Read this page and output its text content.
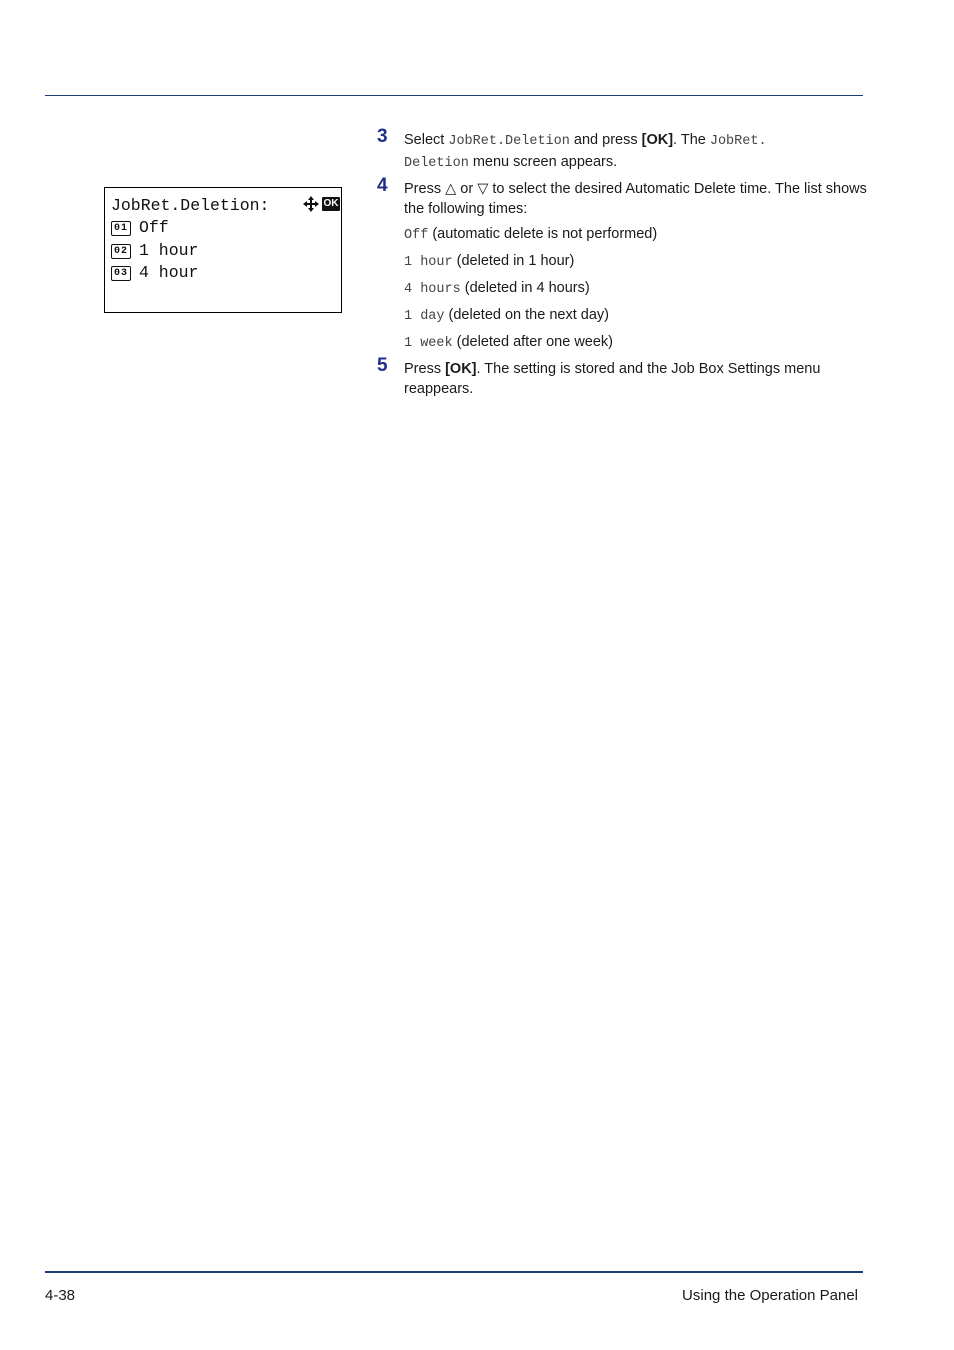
JobRet.Deletion:	OK
01 Off
02 1 hour
03 4 hour
3 Select JobRet.Deletion and press [OK]. The JobRet.
Deletion menu screen appears.
4 Press △ or ▽ to select the desired Automatic Delete time. The list shows the following times:
Off (automatic delete is not performed)
1 hour (deleted in 1 hour)
4 hours (deleted in 4 hours)
1 day (deleted on the next day)
1 week (deleted after one week)
5 Press [OK]. The setting is stored and the Job Box Settings menu reappears.
4-38	Using the Operation Panel
